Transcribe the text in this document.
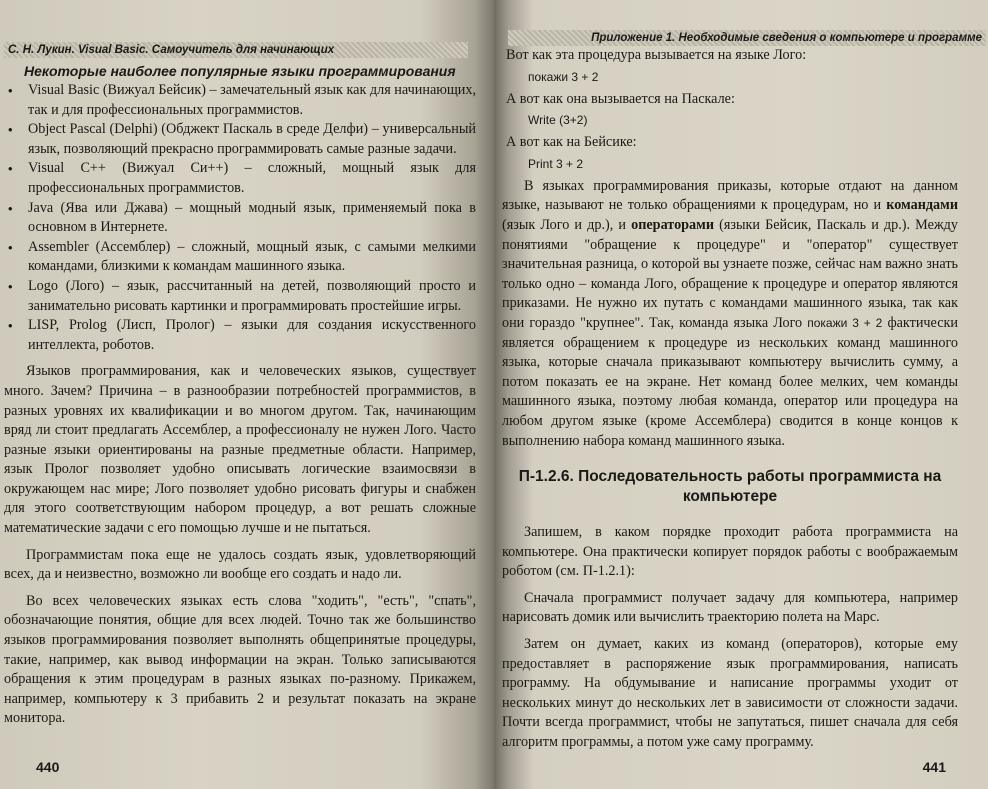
С. Н. Лукин. Visual Basic. Самоучитель для начинающих
Некоторые наиболее популярные языки программирования
• Visual Basic (Вижуал Бейсик) – замечательный язык как для начинающих, так и для профессиональных программистов.
• Object Pascal (Delphi) (Обджект Паскаль в среде Делфи) – универсальный язык, позволяющий прекрасно программировать самые разные задачи.
• Visual C++ (Вижуал Си++) – сложный, мощный язык для профессиональных программистов.
• Java (Ява или Джава) – мощный модный язык, применяемый пока в основном в Интернете.
• Assembler (Ассемблер) – сложный, мощный язык, с самыми мелкими командами, близкими к командам машинного языка.
• Logo (Лого) – язык, рассчитанный на детей, позволяющий просто и занимательно рисовать картинки и программировать простейшие игры.
• LISP, Prolog (Лисп, Пролог) – языки для создания искусственного интеллекта, роботов.

Языков программирования, как и человеческих языков, существует много. Зачем? Причина – в разнообразии потребностей программистов, в разных уровнях их квалификации и во многом другом. Так, начинающим вряд ли стоит предлагать Ассемблер, а профессионалу не нужен Лого. Часто разные языки ориентированы на разные предметные области. Например, язык Пролог позволяет удобно описывать логические взаимосвязи в окружающем нас мире; Лого позволяет удобно рисовать фигуры и снабжен для этого соответствующим набором процедур, а вот решать сложные математические задачи с его помощью лучше и не пытаться.

Программистам пока еще не удалось создать язык, удовлетворяющий всех, да и неизвестно, возможно ли вообще его создать и надо ли.

Во всех человеческих языках есть слова "ходить", "есть", "спать", обозначающие понятия, общие для всех людей. Точно так же большинство языков программирования позволяет выполнять общепринятые процедуры, такие, например, как вывод информации на экран. Только записываются обращения к этим процедурам в разных языках по-разному. Прикажем, например, компьютеру к 3 прибавить 2 и результат показать на экране монитора.

440
Приложение 1. Необходимые сведения о компьютере и программе
Вот как эта процедура вызывается на языке Лого:
покажи 3 + 2
А вот как она вызывается на Паскале:
Write (3+2)
А вот как на Бейсике:
Print 3 + 2

В языках программирования приказы, которые отдают на данном языке, называют не только обращениями к процедурам, но и командами (язык Лого и др.), и операторами (языки Бейсик, Паскаль и др.). Между понятиями "обращение к процедуре" и "оператор" существует значительная разница, о которой вы узнаете позже, сейчас нам важно знать только одно – команда Лого, обращение к процедуре и оператор являются приказами. Не нужно их путать с командами машинного языка, так как они гораздо "крупнее". Так, команда языка Лого покажи 3 + 2 фактически является обращением к процедуре из нескольких команд машинного языка, которые сначала приказывают компьютеру вычислить сумму, а потом показать ее на экране. Нет команд более мелких, чем команды машинного языка, поэтому любая команда, оператор или процедура на любом другом языке (кроме Ассемблера) сводится в конце концов к выполнению набора команд машинного языка.

П-1.2.6. Последовательность работы программиста на компьютере

Запишем, в каком порядке проходит работа программиста на компьютере. Она практически копирует порядок работы с воображаемым роботом (см. П-1.2.1):

Сначала программист получает задачу для компьютера, например нарисовать домик или вычислить траекторию полета на Марс.

Затем он думает, каких из команд (операторов), которые ему предоставляет в распоряжение язык программирования, написать программу. На обдумывание и написание программы уходит от нескольких минут до нескольких лет в зависимости от сложности задачи. Почти всегда программист, чтобы не запутаться, пишет сначала для себя алгоритм программы, а потом уже саму программу.

441
